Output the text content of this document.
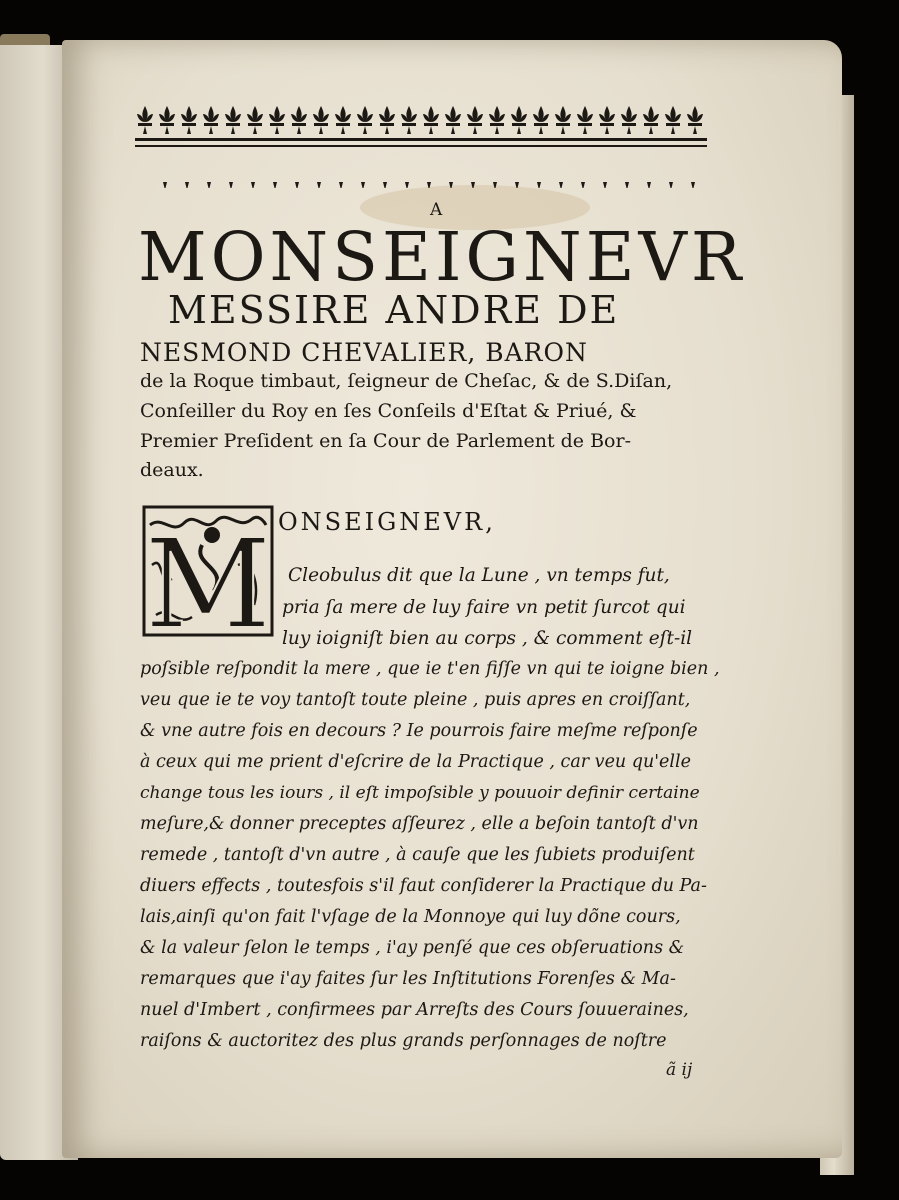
A

MONSEIGNEVR

MESSIRE ANDRE DE

NESMOND CHEVALIER, BARON

de la Roque timbaut, ſeigneur de Cheſac, & de S.Diſan,

Conſeiller du Roy en ſes Conſeils d'Eſtat & Priué, &

Premier Preſident en ſa Cour de Parlement de Bor-

deaux.

M ONSEIGNEVR,

Cleobulus dit que la Lune , vn temps fut,

pria ſa mere de luy faire vn petit ſurcot qui

luy ioigniſt bien au corps , & comment eſt-il

poſsible reſpondit la mere , que ie t'en fiſſe vn qui te ioigne bien ,

veu que ie te voy tantoſt toute pleine , puis apres en croiſſant,

& vne autre fois en decours ? Ie pourrois faire meſme reſponſe

à ceux qui me prient d'eſcrire de la Practique , car veu qu'elle

change tous les iours , il eſt impoſsible y pouuoir definir certaine

meſure,& donner preceptes aſſeurez , elle a beſoin tantoſt d'vn

remede , tantoſt d'vn autre , à cauſe que les ſubiets produiſent

diuers effects , toutesfois s'il faut conſiderer la Practique du Pa-

lais,ainſi qu'on fait l'vſage de la Monnoye qui luy dõne cours,

& la valeur ſelon le temps , i'ay penſé que ces obſeruations &

remarques que i'ay faites ſur les Inſtitutions Forenſes & Ma-

nuel d'Imbert , confirmees par Arreſts des Cours ſouueraines,

raiſons & auctoritez des plus grands perſonnages de noſtre

ã ij
